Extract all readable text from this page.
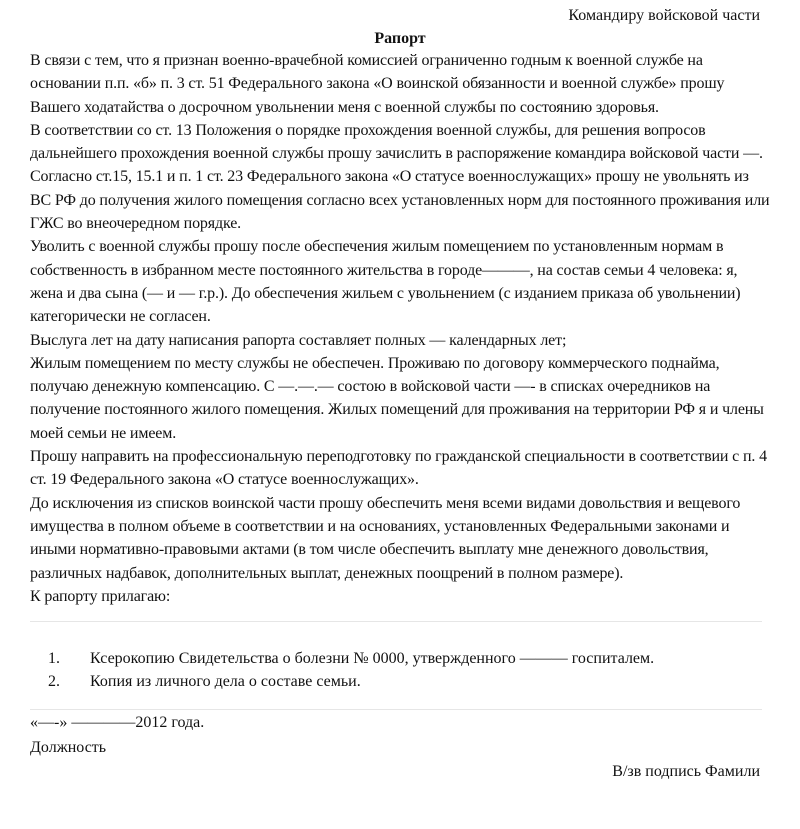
Командиру войсковой части
Рапорт

В связи с тем, что я признан военно-врачебной комиссией ограниченно годным к военной службе на основании п.п. «б» п. 3 ст. 51 Федерального закона «О воинской обязанности и военной службе» прошу Вашего ходатайства о досрочном увольнении меня с военной службы по состоянию здоровья.

В соответствии со ст. 13 Положения о порядке прохождения военной службы, для решения вопросов дальнейшего прохождения военной службы прошу зачислить в распоряжение командира войсковой части —.

Согласно ст.15, 15.1 и п. 1 ст. 23 Федерального закона «О статусе военнослужащих» прошу не увольнять из ВС РФ до получения жилого помещения согласно всех установленных норм для постоянного проживания или ГЖС во внеочередном порядке.

Уволить с военной службы прошу после обеспечения жилым помещением по установленным нормам в собственность в избранном месте постоянного жительства в городе———, на состав семьи 4 человека: я, жена и два сына (— и — г.р.). До обеспечения жильем с увольнением (с изданием приказа об увольнении) категорически не согласен.

Выслуга лет на дату написания рапорта составляет полных — календарных лет;

Жилым помещением по месту службы не обеспечен. Проживаю по договору коммерческого поднайма, получаю денежную компенсацию. С —.—.— состою в войсковой части —- в списках очередников на получение постоянного жилого помещения. Жилых помещений для проживания на территории РФ я и члены моей семьи не имеем.

Прошу направить на профессиональную переподготовку по гражданской специальности в соответствии с п. 4 ст. 19 Федерального закона «О статусе военнослужащих».

До исключения из списков воинской части прошу обеспечить меня всеми видами довольствия и вещевого имущества в полном объеме в соответствии и на основаниях, установленных Федеральными законами и иными нормативно-правовыми актами (в том числе обеспечить выплату мне денежного довольствия, различных надбавок, дополнительных выплат, денежных поощрений в полном размере).

К рапорту прилагаю:

1. Ксерокопию Свидетельства о болезни № 0000, утвержденного ——— госпиталем.
2. Копия из личного дела о составе семьи.
«—-» ————2012 года.
Должность
В/зв подпись Фамили
